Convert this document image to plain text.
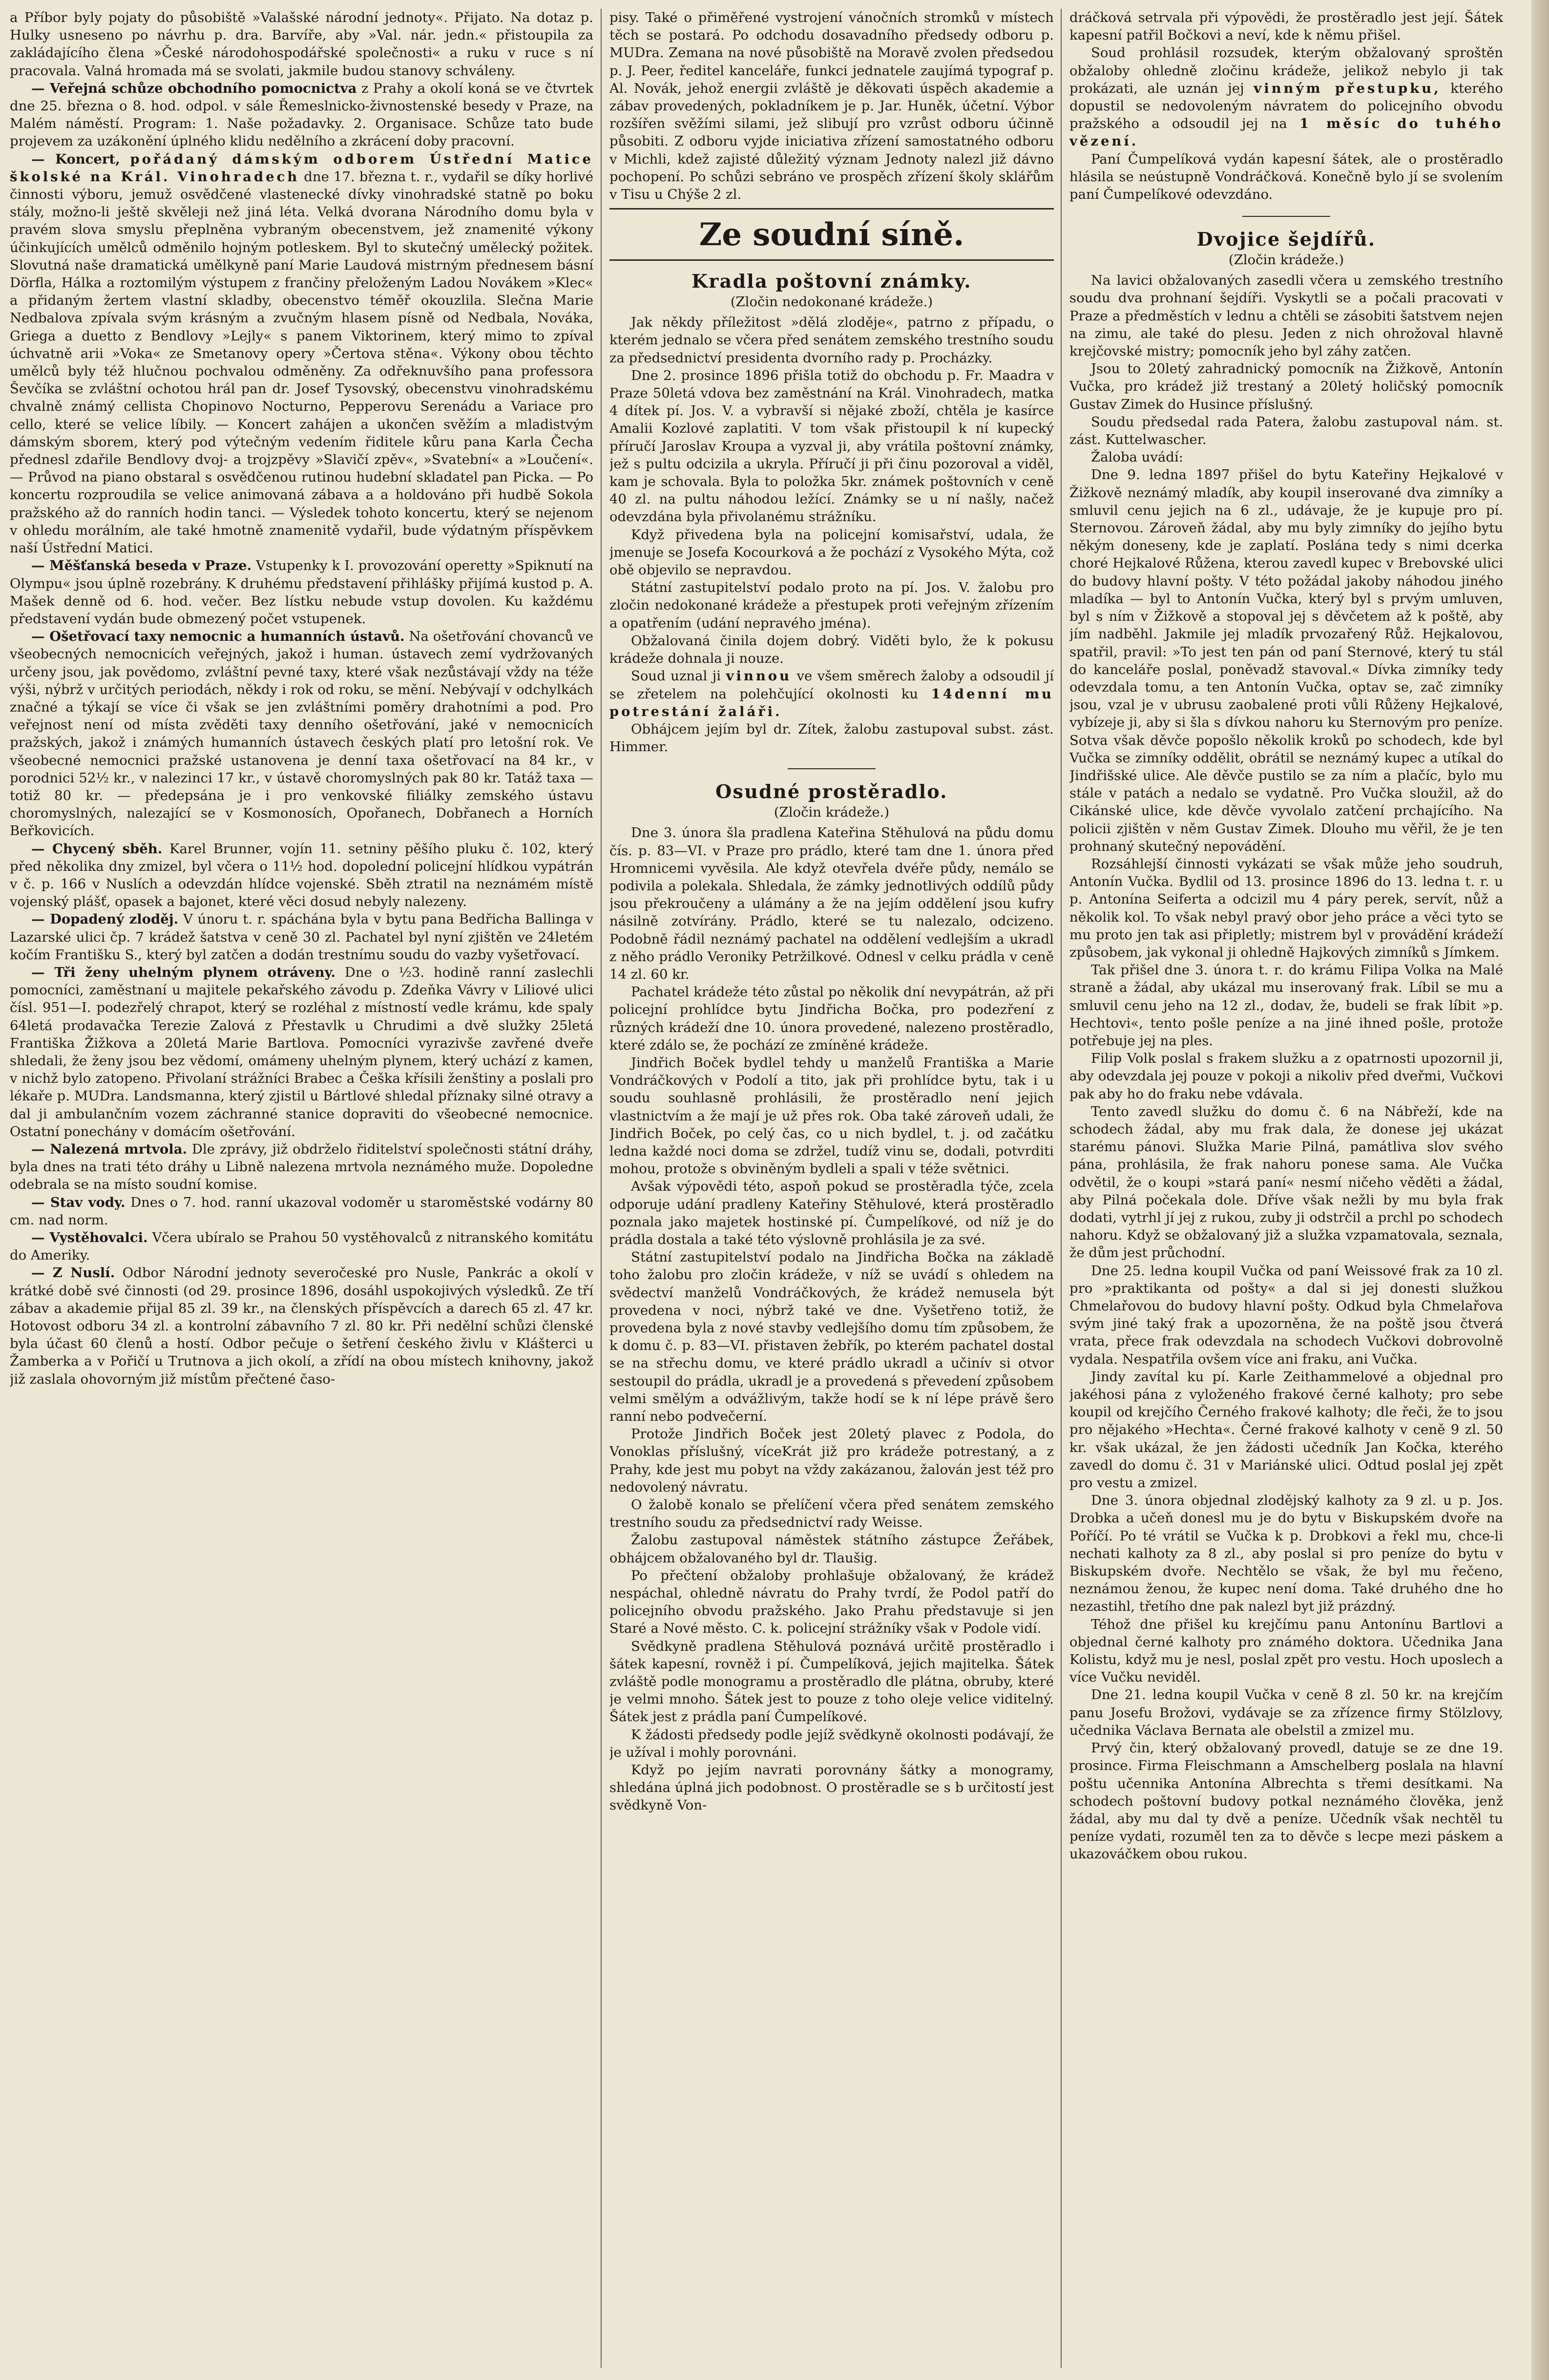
a Příbor byly pojaty do působiště »Valašské národní jednoty«. Přijato. Na dotaz p. Hulky usneseno po návrhu p. dra. Barvíře, aby »Val. nár. jedn.« přistoupila za zakládajícího člena »České národohospodářské společnosti« a ruku v ruce s ní pracovala. Valná hromada má se svolati, jakmile budou stanovy schváleny.

— Veřejná schůze obchodního pomocnictva z Prahy a okolí koná se ve čtvrtek dne 25. března o 8. hod. odpol. v sále Řemeslnicko-živnostenské besedy v Praze, na Malém náměstí. Program: 1. Naše požadavky. 2. Organisace. Schůze tato bude projevem za uzákonění úplného klidu nedělního a zkrácení doby pracovní.

— Koncert, pořádaný dámským odborem Ústřední Matice školské na Král. Vinohradech dne 17. března t. r., vydařil se díky horlivé činnosti výboru, jemuž osvědčené vlastenecké dívky vinohradské statně po boku stály, možno-li ještě skvěleji než jiná léta. Velká dvorana Národního domu byla v pravém slova smyslu přeplněna vybraným obecenstvem, jež znamenité výkony účinkujících umělců odměnilo hojným potleskem. Byl to skutečný umělecký požitek. Slovutná naše dramatická umělkyně paní Marie Laudová mistrným přednesem básní Dörfla, Hálka a roztomilým výstupem z frančiny přeloženým Ladou Novákem »Klec« a přidaným žertem vlastní skladby, obecenstvo téměř okouzlila. Slečna Marie Nedbalova zpívala svým krásným a zvučným hlasem písně od Nedbala, Nováka, Griega a duetto z Bendlovy »Lejly« s panem Viktorinem, který mimo to zpíval úchvatně arii »Voka« ze Smetanovy opery »Čertova stěna«. Výkony obou těchto umělců byly též hlučnou pochvalou odměněny. Za odřeknuvšího pana professora Ševčíka se zvláštní ochotou hrál pan dr. Josef Tysovský, obecenstvu vinohradskému chvalně známý cellista Chopinovo Nocturno, Pepperovu Serenádu a Variace pro cello, které se velice líbily. — Koncert zahájen a ukončen svěžím a mladistvým dámským sborem, který pod výtečným vedením řiditele kůru pana Karla Čecha přednesl zdařile Bendlovy dvoj- a trojzpěvy »Slavičí zpěv«, »Svatební« a »Loučení«. — Průvod na piano obstaral s osvědčenou rutinou hudební skladatel pan Picka. — Po koncertu rozproudila se velice animovaná zábava a a holdováno při hudbě Sokola pražského až do ranních hodin tanci. — Výsledek tohoto koncertu, který se nejenom v ohledu morálním, ale také hmotně znamenitě vydařil, bude výdatným příspěvkem naší Ústřední Matici.

— Měšťanská beseda v Praze. Vstupenky k I. provozování operetty »Spiknutí na Olympu« jsou úplně rozebrány. K druhému představení přihlášky přijímá kustod p. A. Mašek denně od 6. hod. večer. Bez lístku nebude vstup dovolen. Ku každému představení vydán bude obmezený počet vstupenek.

— Ošetřovací taxy nemocnic a humanních ústavů. Na ošetřování chovanců ve všeobecných nemocnicích veřejných, jakož i human. ústavech zemí vydržovaných určeny jsou, jak povědomo, zvláštní pevné taxy, které však nezůstávají vždy na téže výši, nýbrž v určitých periodách, někdy i rok od roku, se mění. Nebývají v odchylkách značné a týkají se více či však se jen zvláštními poměry drahotními a pod. Pro veřejnost není od místa zvěděti taxy denního ošetřování, jaké v nemocnicích pražských, jakož i známých humanních ústavech českých platí pro letošní rok. Ve všeobecné nemocnici pražské ustanovena je denní taxa ošetřovací na 84 kr., v porodnici 52½ kr., v nalezinci 17 kr., v ústavě choromyslných pak 80 kr. Tatáž taxa — totiž 80 kr. — předepsána je i pro venkovské filiálky zemského ústavu choromyslných, nalezající se v Kosmonosích, Opořanech, Dobřanech a Horních Beřkovicích.

— Chycený sběh. Karel Brunner, vojín 11. setniny pěšího pluku č. 102, který před několika dny zmizel, byl včera o 11½ hod. dopolední policejní hlídkou vypátrán v č. p. 166 v Nuslích a odevzdán hlídce vojenské. Sběh ztratil na neznámém místě vojenský plášť, opasek a bajonet, které věci dosud nebyly nalezeny.

— Dopadený zloděj. V únoru t. r. spáchána byla v bytu pana Bedřicha Ballinga v Lazarské ulici čp. 7 krádež šatstva v ceně 30 zl. Pachatel byl nyní zjištěn ve 24letém kočím Františku S., který byl zatčen a dodán trestnímu soudu do vazby vyšetřovací.

— Tři ženy uhelným plynem otráveny. Dne o ½3. hodině ranní zaslechli pomocníci, zaměstnaní u majitele pekařského závodu p. Zdeňka Vávry v Liliové ulici čísl. 951—I. podezřelý chrapot, který se rozléhal z místností vedle krámu, kde spaly 64letá prodavačka Terezie Zalová z Přestavlk u Chrudimi a dvě služky 25letá Františka Žižkova a 20letá Marie Bartlova. Pomocníci vyrazivše zavřené dveře shledali, že ženy jsou bez vědomí, omámeny uhelným plynem, který uchází z kamen, v nichž bylo zatopeno. Přivolaní strážníci Brabec a Češka křísili ženštiny a poslali pro lékaře p. MUDra. Landsmanna, který zjistil u Bártlové shledal příznaky silné otravy a dal ji ambulančním vozem záchranné stanice dopraviti do všeobecné nemocnice. Ostatní ponechány v domácím ošetřování.

— Nalezená mrtvola. Dle zprávy, již obdrželo řiditelství společnosti státní dráhy, byla dnes na trati této dráhy u Libně nalezena mrtvola neznámého muže. Dopoledne odebrala se na místo soudní komise.

— Stav vody. Dnes o 7. hod. ranní ukazoval vodoměr u staroměstské vodárny 80 cm. nad norm.

— Vystěhovalci. Včera ubíralo se Prahou 50 vystěhovalců z nitranského komitátu do Ameriky.

— Z Nuslí. Odbor Národní jednoty severočeské pro Nusle, Pankrác a okolí v krátké době své činnosti (od 29. prosince 1896, dosáhl uspokojivých výsledků. Ze tří zábav a akademie přijal 85 zl. 39 kr., na členských příspěvcích a darech 65 zl. 47 kr. Hotovost odboru 34 zl. a kontrolní zábavního 7 zl. 80 kr. Při nedělní schůzi členské byla účast 60 členů a hostí. Odbor pečuje o šetření českého živlu v Klášterci u Žamberka a v Pořičí u Trutnova a jich okolí, a zřídí na obou místech knihovny, jakož již zaslala ohovorným již místům přečtené časo-

pisy. Také o přiměřené vystrojení vánočních stromků v místech těch se postará. Po odchodu dosavadního předsedy odboru p. MUDra. Zemana na nové působiště na Moravě zvolen předsedou p. J. Peer, ředitel kanceláře, funkci jednatele zaujímá typograf p. Al. Novák, jehož energii zvláště je děkovati úspěch akademie a zábav provedených, pokladníkem je p. Jar. Huněk, účetní. Výbor rozšířen svěžími silami, jež slibují pro vzrůst odboru účinně působiti. Z odboru vyjde iniciativa zřízení samostatného odboru v Michli, kdež zajisté důležitý význam Jednoty nalezl již dávno pochopení. Po schůzi sebráno ve prospěch zřízení školy sklářům v Tisu u Chýše 2 zl.

Ze soudní síně.
Kradla poštovní známky.
(Zločin nedokonané krádeže.)

Jak někdy příležitost »dělá zloděje«, patrno z případu, o kterém jednalo se včera před senátem zemského trestního soudu za předsednictví presidenta dvorního rady p. Procházky.

Dne 2. prosince 1896 přišla totiž do obchodu p. Fr. Maadra v Praze 50letá vdova bez zaměstnání na Král. Vinohradech, matka 4 dítek pí. Jos. V. a vybravší si nějaké zboží, chtěla je kasírce Amalii Kozlové zaplatiti. V tom však přistoupil k ní kupecký příručí Jaroslav Kroupa a vyzval ji, aby vrátila poštovní známky, jež s pultu odcizila a ukryla. Příručí ji při činu pozoroval a viděl, kam je schovala. Byla to položka 5kr. známek poštovních v ceně 40 zl. na pultu náhodou ležící. Známky se u ní našly, načež odevzdána byla přivolanému strážníku.

Když přivedena byla na policejní komisařství, udala, že jmenuje se Josefa Kocourková a že pochází z Vysokého Mýta, což obě objevilo se nepravdou.

Státní zastupitelství podalo proto na pí. Jos. V. žalobu pro zločin nedokonané krádeže a přestupek proti veřejným zřízením a opatřením (udání nepravého jména).

Obžalovaná činila dojem dobrý. Viděti bylo, že k pokusu krádeže dohnala ji nouze.

Soud uznal ji vinnou ve všem směrech žaloby a odsoudil jí se zřetelem na polehčující okolnosti ku 14denní mu potrestání žaláři.

Obhájcem jejím byl dr. Zítek, žalobu zastupoval subst. zást. Himmer.

Osudné prostěradlo.
(Zločin krádeže.)

Dne 3. února šla pradlena Kateřina Stěhulová na půdu domu čís. p. 83—VI. v Praze pro prádlo, které tam dne 1. února před Hromnicemi vyvěsila. Ale když otevřela dvéře půdy, nemálo se podivila a polekala. Shledala, že zámky jednotlivých oddílů půdy jsou překroučeny a ulámány a že na jejím oddělení jsou kufry násilně zotvírány. Prádlo, které se tu nalezalo, odcizeno. Podobně řádil neznámý pachatel na oddělení vedlejším a ukradl z něho prádlo Veroniky Petržilkové. Odnesl v celku prádla v ceně 14 zl. 60 kr.

Pachatel krádeže této zůstal po několik dní nevypátrán, až při policejní prohlídce bytu Jindřicha Bočka, pro podezření z různých krádeží dne 10. února provedené, nalezeno prostěradlo, které zdálo se, že pochází ze zmíněné krádeže.

Jindřich Boček bydlel tehdy u manželů Františka a Marie Vondráčkových v Podolí a tito, jak při prohlídce bytu, tak i u soudu souhlasně prohlásili, že prostěradlo není jejich vlastnictvím a že mají je už přes rok. Oba také zároveň udali, že Jindřich Boček, po celý čas, co u nich bydlel, t. j. od začátku ledna každé noci doma se zdržel, tudíž vinu se, dodali, potvrditi mohou, protože s obviněným bydleli a spali v téže světnici.

Avšak výpovědi této, aspoň pokud se prostěradla týče, zcela odporuje udání pradleny Kateřiny Stěhulové, která prostěradlo poznala jako majetek hostinské pí. Čumpelíkové, od níž je do prádla dostala a také této výslovně prohlásila je za své.

Státní zastupitelství podalo na Jindřicha Bočka na základě toho žalobu pro zločin krádeže, v níž se uvádí s ohledem na svědectví manželů Vondráčkových, že krádež nemusela být provedena v noci, nýbrž také ve dne. Vyšetřeno totiž, že provedena byla z nové stavby vedlejšího domu tím způsobem, že k domu č. p. 83—VI. přistaven žebřík, po kterém pachatel dostal se na střechu domu, ve které prádlo ukradl a učinív si otvor sestoupil do prádla, ukradl je a provedená s převedení způsobem velmi smělým a odvážlivým, takže hodí se k ní lépe právě šero ranní nebo podvečerní.

Protože Jindřich Boček jest 20letý plavec z Podola, do Vonoklas příslušný, víceKrát již pro krádeže potrestaný, a z Prahy, kde jest mu pobyt na vždy zakázanou, žalován jest též pro nedovolený návratu.

O žalobě konalo se přelíčení včera před senátem zemského trestního soudu za předsednictví rady Weisse.

Žalobu zastupoval náměstek státního zástupce Žeřábek, obhájcem obžalovaného byl dr. Tlaušig.

Po přečtení obžaloby prohlašuje obžalovaný, že krádež nespáchal, ohledně návratu do Prahy tvrdí, že Podol patří do policejního obvodu pražského. Jako Prahu představuje si jen Staré a Nové město. C. k. policejní strážníky však v Podole vidí.

Svědkyně pradlena Stěhulová poznává určitě prostěradlo i šátek kapesní, rovněž i pí. Čumpelíková, jejich majitelka. Šátek zvláště podle monogramu a prostěradlo dle plátna, obruby, které je velmi mnoho. Šátek jest to pouze z toho oleje velice viditelný. Šátek jest z prádla paní Čumpelíkové.

K žádosti předsedy podle jejíž svědkyně okolnosti podávají, že je užíval i mohly porovnáni.

Když po jejím navrati porovnány šátky a monogramy, shledána úplná jich podobnost. O prostěradle se s b určitostí jest svědkyně Von-

dráčková setrvala při výpovědi, že prostěradlo jest její. Šátek kapesní patřil Bočkovi a neví, kde k němu přišel.

Soud prohlásil rozsudek, kterým obžalovaný sproštěn obžaloby ohledně zločinu krádeže, jelikož nebylo ji tak prokázati, ale uznán jej vinným přestupku, kterého dopustil se nedovoleným návratem do policejního obvodu pražského a odsoudil jej na 1 měsíc do tuhého vězení.

Paní Čumpelíková vydán kapesní šátek, ale o prostěradlo hlásila se neústupně Vondráčková. Konečně bylo jí se svolením paní Čumpelíkové odevzdáno.

Dvojice šejdířů.
(Zločin krádeže.)

Na lavici obžalovaných zasedli včera u zemského trestního soudu dva prohnaní šejdíři. Vyskytli se a počali pracovati v Praze a předměstích v lednu a chtěli se zásobiti šatstvem nejen na zimu, ale také do plesu. Jeden z nich ohrožoval hlavně krejčovské mistry; pomocník jeho byl záhy zatčen.

Jsou to 20letý zahradnický pomocník na Žižkově, Antonín Vučka, pro krádež již trestaný a 20letý holičský pomocník Gustav Zimek do Husince příslušný.

Soudu předsedal rada Patera, žalobu zastupoval nám. st. zást. Kuttelwascher.

Žaloba uvádí:

Dne 9. ledna 1897 přišel do bytu Kateřiny Hejkalové v Žižkově neznámý mladík, aby koupil inserované dva zimníky a smluvil cenu jejich na 6 zl., udávaje, že je kupuje pro pí. Sternovou. Zároveň žádal, aby mu byly zimníky do jejího bytu někým doneseny, kde je zaplatí. Poslána tedy s nimi dcerka choré Hejkalové Růžena, kterou zavedl kupec v Brebovské ulici do budovy hlavní pošty. V této požádal jakoby náhodou jiného mladíka — byl to Antonín Vučka, který byl s prvým umluven, byl s ním v Žižkově a stopoval jej s děvčetem až k poště, aby jím nadběhl. Jakmile jej mladík prvozařený Růž. Hejkalovou, spatřil, pravil: »To jest ten pán od paní Sternové, který tu stál do kanceláře poslal, poněvadž stavoval.« Dívka zimníky tedy odevzdala tomu, a ten Antonín Vučka, optav se, zač zimníky jsou, vzal je v ubrusu zaobalené proti vůli Růženy Hejkalové, vybízeje ji, aby si šla s dívkou nahoru ku Sternovým pro peníze. Sotva však děvče popošlo několik kroků po schodech, kde byl Vučka se zimníky oddělit, obrátil se neznámý kupec a utíkal do Jindřišské ulice. Ale děvče pustilo se za ním a plačíc, bylo mu stále v patách a nedalo se vydatně. Pro Vučka sloužil, až do Cikánské ulice, kde děvče vyvolalo zatčení prchajícího. Na policii zjištěn v něm Gustav Zimek. Dlouho mu věřil, že je ten prohnaný skutečný nepovádění.

Rozsáhlejší činnosti vykázati se však může jeho soudruh, Antonín Vučka. Bydlil od 13. prosince 1896 do 13. ledna t. r. u p. Antonína Seiferta a odcizil mu 4 páry perek, servít, nůž a několik kol. To však nebyl pravý obor jeho práce a věci tyto se mu proto jen tak asi připletly; mistrem byl v provádění krádeží způsobem, jak vykonal ji ohledně Hajkových zimníků s Jímkem.

Tak přišel dne 3. února t. r. do krámu Filipa Volka na Malé straně a žádal, aby ukázal mu inserovaný frak. Líbil se mu a smluvil cenu jeho na 12 zl., dodav, že, budeli se frak líbit »p. Hechtovi«, tento pošle peníze a na jiné ihned pošle, protože potřebuje jej na ples.

Filip Volk poslal s frakem služku a z opatrnosti upozornil ji, aby odevzdala jej pouze v pokoji a nikoliv před dveřmi, Vučkovi pak aby ho do fraku nebe vdávala.

Tento zavedl služku do domu č. 6 na Nábřeží, kde na schodech žádal, aby mu frak dala, že donese jej ukázat starému pánovi. Služka Marie Pilná, památliva slov svého pána, prohlásila, že frak nahoru ponese sama. Ale Vučka odvětil, že o koupi »stará paní« nesmí ničeho věděti a žádal, aby Pilná počekala dole. Dříve však nežli by mu byla frak dodati, vytrhl jí jej z rukou, zuby ji odstrčil a prchl po schodech nahoru. Když se obžalovaný již a služka vzpamatovala, seznala, že dům jest průchodní.

Dne 25. ledna koupil Vučka od paní Weissové frak za 10 zl. pro »praktikanta od pošty« a dal si jej donesti služkou Chmelařovou do budovy hlavní pošty. Odkud byla Chmelařova svým jiné taký frak a upozorněna, že na poště jsou čtverá vrata, přece frak odevzdala na schodech Vučkovi dobrovolně vydala. Nespatřila ovšem více ani fraku, ani Vučka.

Jindy zavítal ku pí. Karle Zeithammelové a objednal pro jakéhosi pána z vyloženého frakové černé kalhoty; pro sebe koupil od krejčího Černého frakové kalhoty; dle řeči, že to jsou pro nějakého »Hechta«. Černé frakové kalhoty v ceně 9 zl. 50 kr. však ukázal, že jen žádosti učedník Jan Kočka, kterého zavedl do domu č. 31 v Mariánské ulici. Odtud poslal jej zpět pro vestu a zmizel.

Dne 3. února objednal zlodějský kalhoty za 9 zl. u p. Jos. Drobka a učeň donesl mu je do bytu v Biskupském dvoře na Poříčí. Po té vrátil se Vučka k p. Drobkovi a řekl mu, chce-li nechati kalhoty za 8 zl., aby poslal si pro peníze do bytu v Biskupském dvoře. Nechtělo se však, že byl mu řečeno, neznámou ženou, že kupec není doma. Také druhého dne ho nezastihl, třetího dne pak nalezl byt již prázdný.

Téhož dne přišel ku krejčímu panu Antonínu Bartlovi a objednal černé kalhoty pro známého doktora. Učednika Jana Kolistu, když mu je nesl, poslal zpět pro vestu. Hoch uposlech a více Vučku neviděl.

Dne 21. ledna koupil Vučka v ceně 8 zl. 50 kr. na krejčím panu Josefu Brožovi, vydávaje se za zřízence firmy Stölzlovy, učednika Václava Bernata ale obelstil a zmizel mu.

Prvý čin, který obžalovaný provedl, datuje se ze dne 19. prosince. Firma Fleischmann a Amschelberg poslala na hlavní poštu učennika Antonína Albrechta s třemi desítkami. Na schodech poštovní budovy potkal neznámého člověka, jenž žádal, aby mu dal ty dvě a peníze. Učedník však nechtěl tu peníze vydati, rozuměl ten za to děvče s lecpe mezi páskem a ukazováčkem obou rukou.
